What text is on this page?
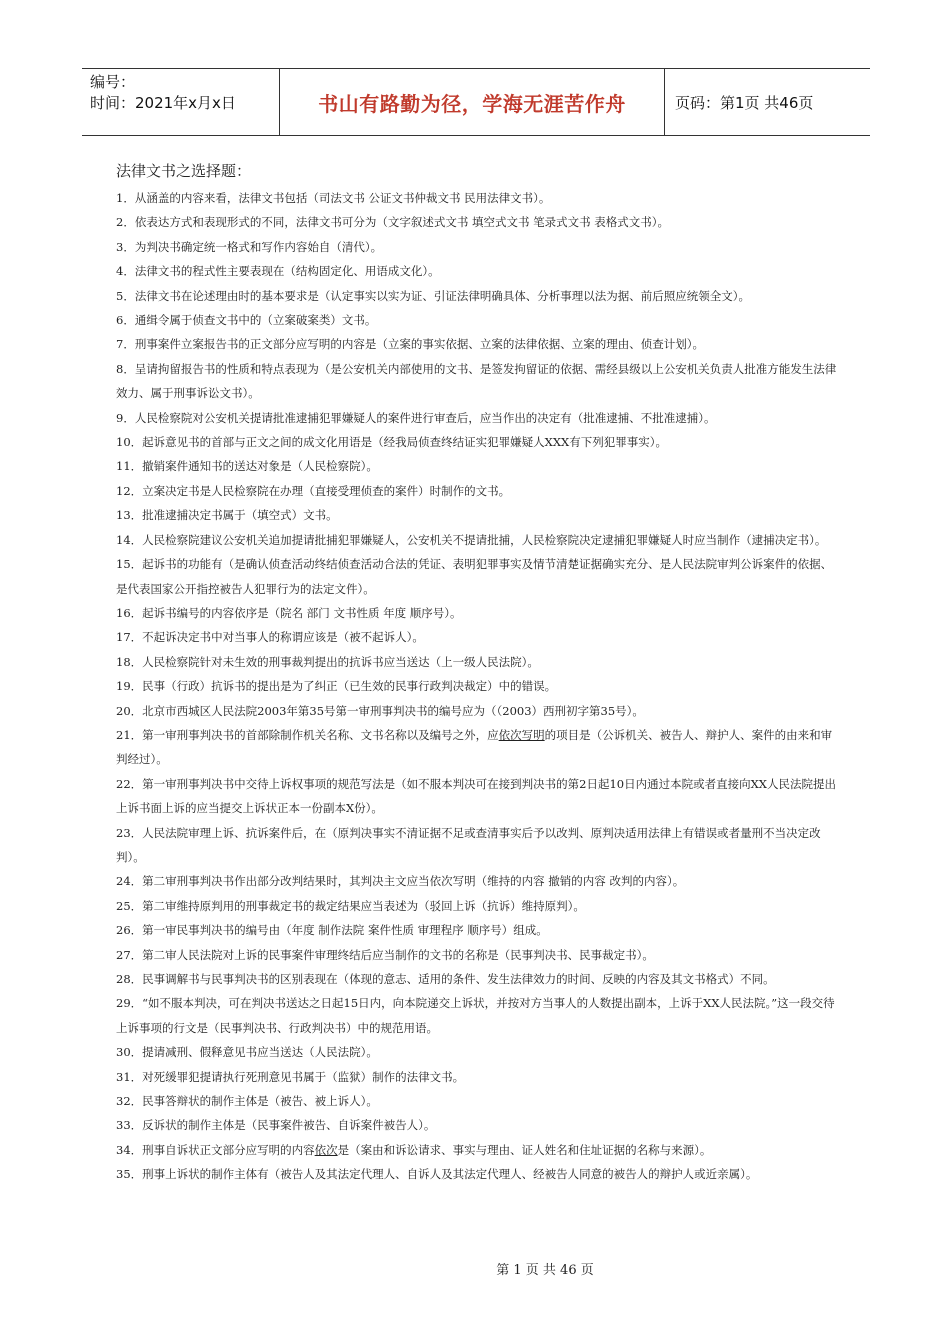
编号：
时间：2021年x月x日	书山有路勤为径，学海无涯苦作舟	页码：第1页 共46页
法律文书之选择题：

1．从涵盖的内容来看，法律文书包括（司法文书 公证文书仲裁文书 民用法律文书）。

2．依表达方式和表现形式的不同，法律文书可分为（文字叙述式文书 填空式文书 笔录式文书 表格式文书）。

3．为判决书确定统一格式和写作内容始自（清代）。

4．法律文书的程式性主要表现在（结构固定化、用语成文化）。

5．法律文书在论述理由时的基本要求是（认定事实以实为证、引证法律明确具体、分析事理以法为据、前后照应统领全文）。

6．通缉令属于侦查文书中的（立案破案类）文书。

7．刑事案件立案报告书的正文部分应写明的内容是（立案的事实依据、立案的法律依据、立案的理由、侦查计划）。

8．呈请拘留报告书的性质和特点表现为（是公安机关内部使用的文书、是签发拘留证的依据、需经县级以上公安机关负责人批准方能发生法律效力、属于刑事诉讼文书）。

9．人民检察院对公安机关提请批准逮捕犯罪嫌疑人的案件进行审查后，应当作出的决定有（批准逮捕、不批准逮捕）。

10．起诉意见书的首部与正文之间的成文化用语是（经我局侦查终结证实犯罪嫌疑人XXX有下列犯罪事实）。

11．撤销案件通知书的送达对象是（人民检察院）。

12．立案决定书是人民检察院在办理（直接受理侦查的案件）时制作的文书。

13．批准逮捕决定书属于（填空式）文书。

14．人民检察院建议公安机关追加提请批捕犯罪嫌疑人，公安机关不提请批捕，人民检察院决定逮捕犯罪嫌疑人时应当制作（逮捕决定书）。

15．起诉书的功能有（是确认侦查活动终结侦查活动合法的凭证、表明犯罪事实及情节清楚证据确实充分、是人民法院审判公诉案件的依据、是代表国家公开指控被告人犯罪行为的法定文件）。

16．起诉书编号的内容依序是（院名 部门 文书性质 年度 顺序号）。

17．不起诉决定书中对当事人的称谓应该是（被不起诉人）。

18．人民检察院针对未生效的刑事裁判提出的抗诉书应当送达（上一级人民法院）。

19．民事（行政）抗诉书的提出是为了纠正（已生效的民事行政判决裁定）中的错误。

20．北京市西城区人民法院2003年第35号第一审刑事判决书的编号应为（（2003）西刑初字第35号）。

21．第一审刑事判决书的首部除制作机关名称、文书名称以及编号之外，应依次写明的项目是（公诉机关、被告人、辩护人、案件的由来和审判经过）。

22．第一审刑事判决书中交待上诉权事项的规范写法是（如不服本判决可在接到判决书的第2日起10日内通过本院或者直接向XX人民法院提出上诉书面上诉的应当提交上诉状正本一份副本X份）。

23．人民法院审理上诉、抗诉案件后，在（原判决事实不清证据不足或查清事实后予以改判、原判决适用法律上有错误或者量刑不当决定改判）。

24．第二审刑事判决书作出部分改判结果时，其判决主文应当依次写明（维持的内容 撤销的内容 改判的内容）。

25．第二审维持原判用的刑事裁定书的裁定结果应当表述为（驳回上诉（抗诉）维持原判）。

26．第一审民事判决书的编号由（年度 制作法院 案件性质 审理程序 顺序号）组成。

27．第二审人民法院对上诉的民事案件审理终结后应当制作的文书的名称是（民事判决书、民事裁定书）。

28．民事调解书与民事判决书的区别表现在（体现的意志、适用的条件、发生法律效力的时间、反映的内容及其文书格式）不同。

29．“如不服本判决，可在判决书送达之日起15日内，向本院递交上诉状，并按对方当事人的人数提出副本，上诉于XX人民法院。”这一段交待上诉事项的行文是（民事判决书、行政判决书）中的规范用语。

30．提请减刑、假释意见书应当送达（人民法院）。

31．对死缓罪犯提请执行死刑意见书属于（监狱）制作的法律文书。

32．民事答辩状的制作主体是（被告、被上诉人）。

33．反诉状的制作主体是（民事案件被告、自诉案件被告人）。

34．刑事自诉状正文部分应写明的内容依次是（案由和诉讼请求、事实与理由、证人姓名和住址证据的名称与来源）。

35．刑事上诉状的制作主体有（被告人及其法定代理人、自诉人及其法定代理人、经被告人同意的被告人的辩护人或近亲属）。

第 1 页 共 46 页
